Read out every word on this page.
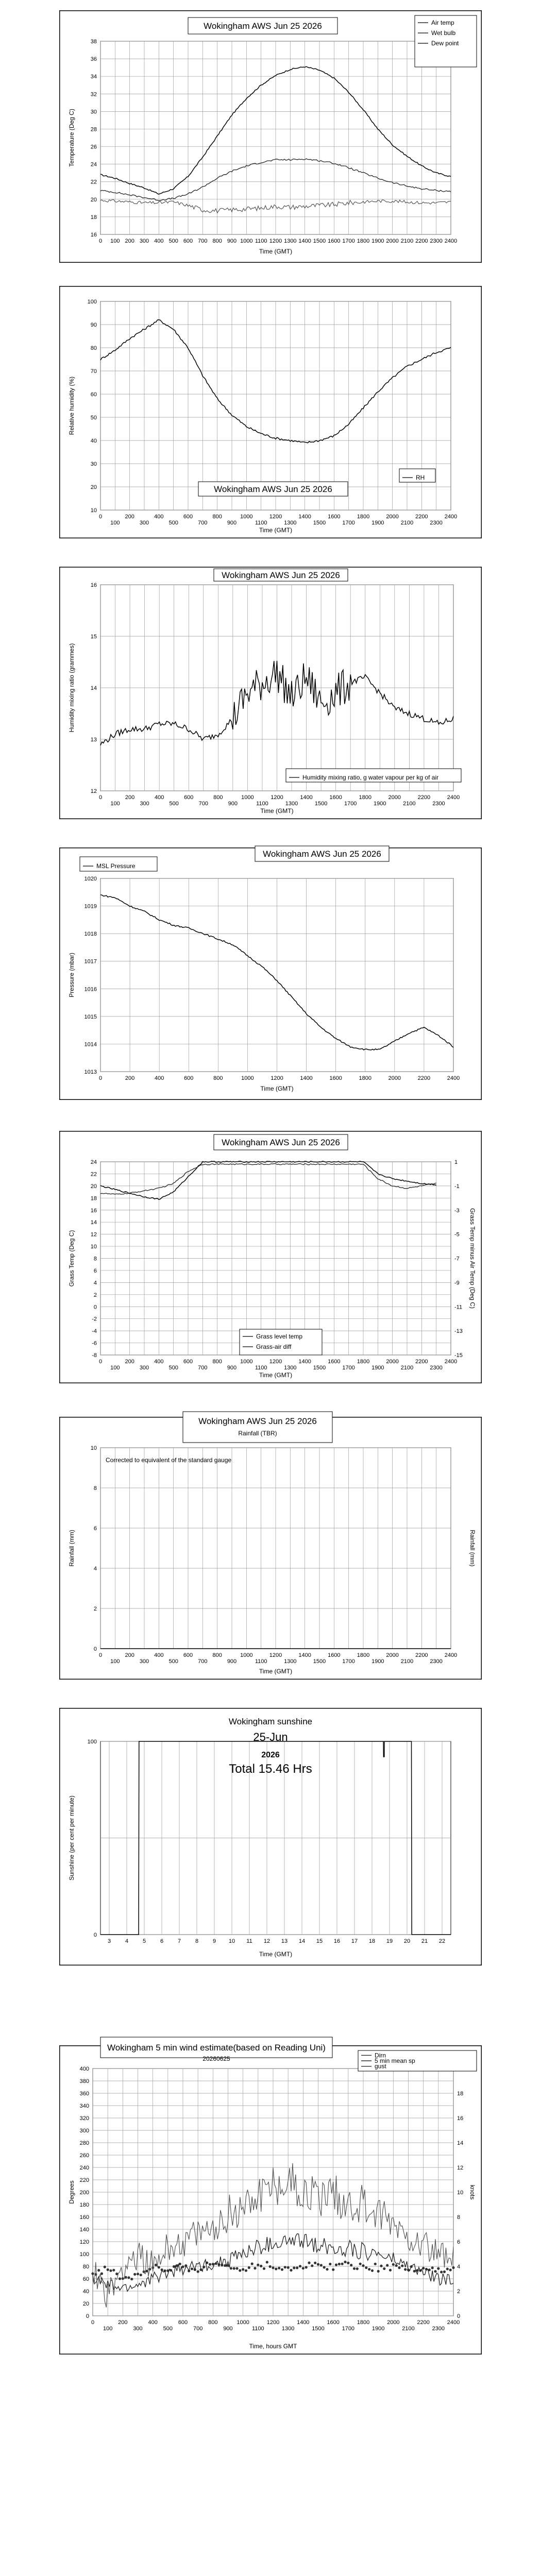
16
18
20
22
24
26
28
30
32
34
36
38
0 100 200 300 400 500 600 700 800 900 1000 1100 1200 1300 1400 1500 1600 1700 1800 1900 2000 2100 2200 2300 2400
Time (GMT)
Temperature (Deg C)
Wokingham AWS Jun 25 2026	Air temp
Wet bulb
Dew point
10
20
30
40
50
60
70
80
90
100
0
100
200
300
400
500
600
700
800
900
1000
1100
1200
1300
1400
1500
1600
1700
1800
1900
2000
2100
2200
2300
2400
Time (GMT)
Relative humidity (%)
Wokingham AWS Jun 25 2026
RH
12
13
14
15
16
0
100
200
300
400
500
600
700
800
900
1000
1100
1200
1300
1400
1500
1600
1700
1800
1900
2000
2100
2200
2300
2400
Time (GMT)
Humidity mixing ratio (grammes)
Wokingham AWS Jun 25 2026
Humidity mixing ratio, g water vapour per kg of air
1013
1014
1015
1016
1017
1018
1019
1020
0	200	400	600	800	1000	1200	1400	1600	1800	2000	2200	2400
Time (GMT)
Pressure (mbar)
Wokingham AWS Jun 25 2026
MSL Pressure
-8
-6
-4
-2
0
2
4
6
8
10
12
14
16
18
20
22
24
-15
-13
-11
-9
-7
-5
-3
-1
1
0
100
200
300
400
500
600
700
800
900
1000
1100
1200
1300
1400
1500
1600
1700
1800
1900
2000
2100
2200
2300
2400
Time (GMT)
Grass Temp (Deg C)	Grass Temp minus Air Temp (Deg C)
Wokingham AWS Jun 25 2026
Grass level temp
Grass-air diff
0
2
4
6
8
10
0
100
200
300
400
500
600
700
800
900
1000
1100
1200
1300
1400
1500
1600
1700
1800
1900
2000
2100
2200
2300
2400
Time (GMT)
Rainfall (mm)	Rainfall (mm)
Wokingham AWS Jun 25 2026
Rainfall (TBR)
Corrected to equivalent of the standard gauge
0
100
3	4	5	6	7	8	9 10 11 12 13 14 15 16 17 18 19 20 21 22
Time (GMT)
Sunshine (per cent per minute)
Wokingham sunshine
25-Jun
2026
Total 15.46 Hrs
0
20
40
60
80
100
120
140
160
180
200
220
240
260
280
300
320
340
360
380
400
0
2
4
6
8
10
12
14
16
18
0
100
200
300
400
500
600
700
800
900
1000
1100
1200
1300
1400
1500
1600
1700
1800
1900
2000
2100
2200
2300
2400
Time, hours GMT
Degrees	knots
Wokingham 5 min wind estimate(based on Reading Uni)
20260625	Dirn
5 min mean sp
gust
